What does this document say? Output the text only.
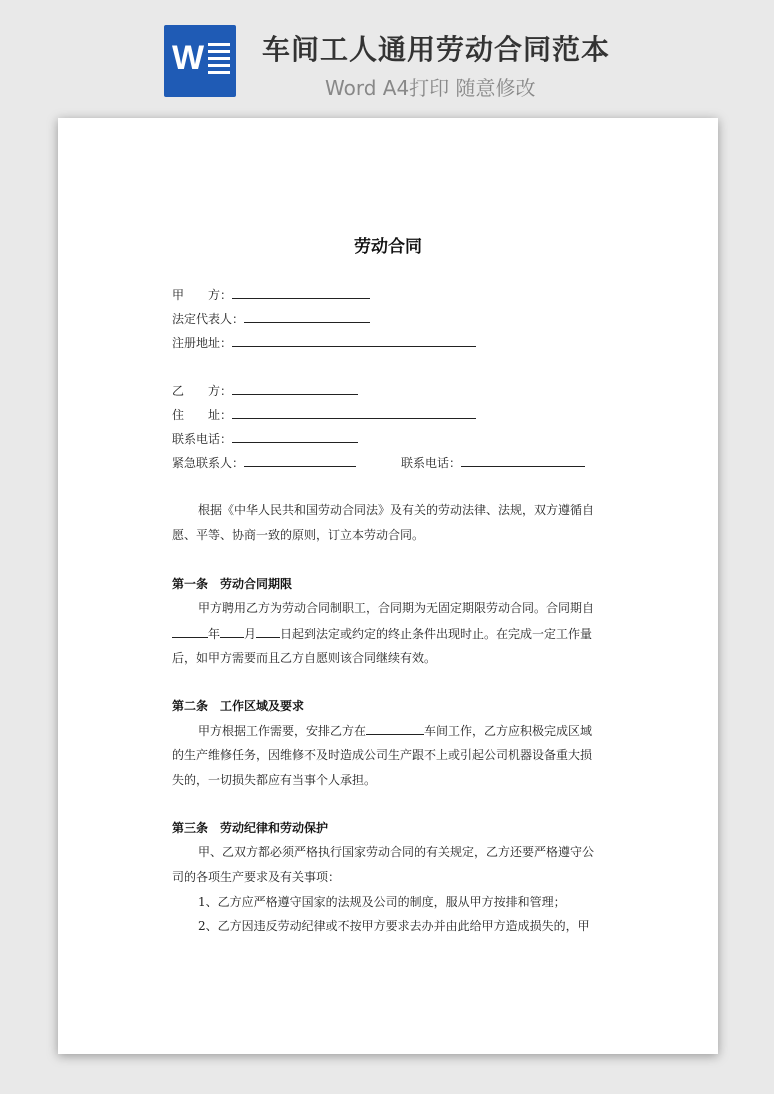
W 车间工人通用劳动合同范本
Word A4打印 随意修改
劳动合同
甲　　方：
法定代表人：
注册地址：
乙　　方：
住　　址：
联系电话：
紧急联系人：	联系电话：
根据《中华人民共和国劳动合同法》及有关的劳动法律、法规，双方遵循自
愿、平等、协商一致的原则，订立本劳动合同。
第一条　劳动合同期限
甲方聘用乙方为劳动合同制职工，合同期为无固定期限劳动合同。合同期自
年 月 日起到法定或约定的终止条件出现时止。在完成一定工作量
后，如甲方需要而且乙方自愿则该合同继续有效。
第二条　工作区域及要求
甲方根据工作需要，安排乙方在	车间工作，乙方应积极完成区域
的生产维修任务，因维修不及时造成公司生产跟不上或引起公司机器设备重大损
失的，一切损失都应有当事个人承担。
第三条　劳动纪律和劳动保护
甲、乙双方都必须严格执行国家劳动合同的有关规定，乙方还要严格遵守公
司的各项生产要求及有关事项：
1、乙方应严格遵守国家的法规及公司的制度，服从甲方按排和管理；
2、乙方因违反劳动纪律或不按甲方要求去办并由此给甲方造成损失的，甲
